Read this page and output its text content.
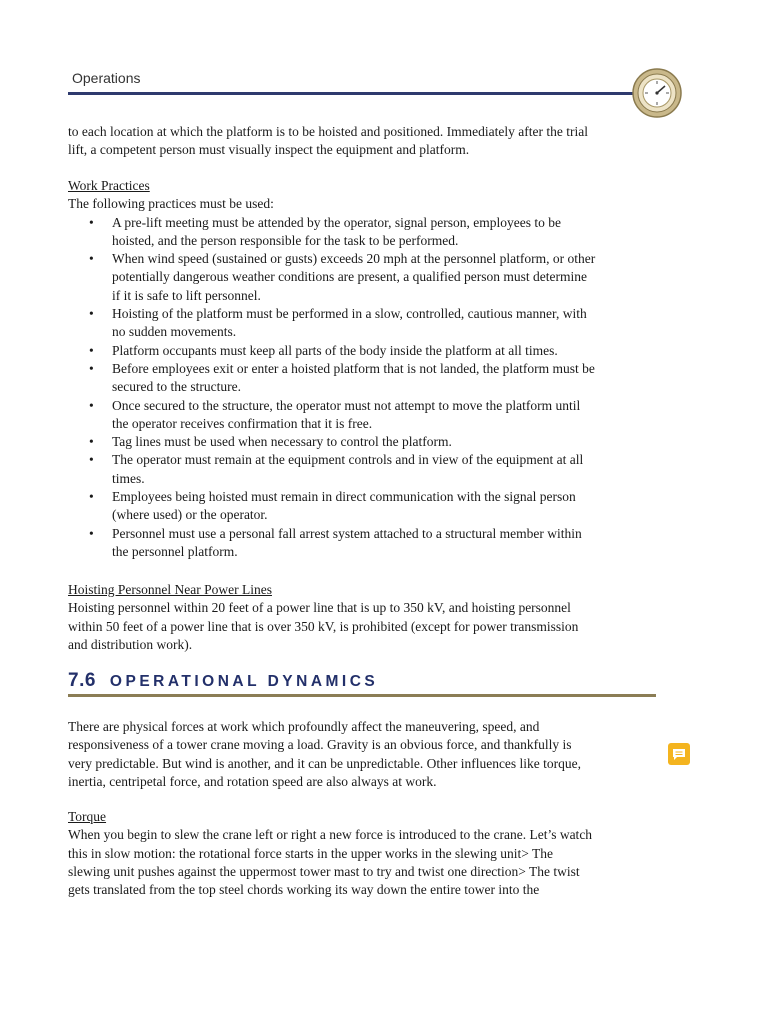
Operations

to each location at which the platform is to be hoisted and positioned. Immediately after the trial

lift, a competent person must visually inspect the equipment and platform.

Work Practices

The following practices must be used:

• A pre-lift meeting must be attended by the operator, signal person, employees to be
hoisted, and the person responsible for the task to be performed.
• When wind speed (sustained or gusts) exceeds 20 mph at the personnel platform, or other
potentially dangerous weather conditions are present, a qualified person must determine
if it is safe to lift personnel.
• Hoisting of the platform must be performed in a slow, controlled, cautious manner, with
no sudden movements.
• Platform occupants must keep all parts of the body inside the platform at all times.
• Before employees exit or enter a hoisted platform that is not landed, the platform must be
secured to the structure.
• Once secured to the structure, the operator must not attempt to move the platform until
the operator receives confirmation that it is free.
• Tag lines must be used when necessary to control the platform.
• The operator must remain at the equipment controls and in view of the equipment at all
times.
• Employees being hoisted must remain in direct communication with the signal person
(where used) or the operator.
• Personnel must use a personal fall arrest system attached to a structural member within
the personnel platform.

Hoisting Personnel Near Power Lines

Hoisting personnel within 20 feet of a power line that is up to 350 kV, and hoisting personnel

within 50 feet of a power line that is over 350 kV, is prohibited (except for power transmission

and distribution work).

7.6 OPERATIONAL DYNAMICS

There are physical forces at work which profoundly affect the maneuvering, speed, and

responsiveness of a tower crane moving a load. Gravity is an obvious force, and thankfully is

very predictable. But wind is another, and it can be unpredictable. Other influences like torque,

inertia, centripetal force, and rotation speed are also always at work.

Torque

When you begin to slew the crane left or right a new force is introduced to the crane. Let’s watch

this in slow motion: the rotational force starts in the upper works in the slewing unit> The

slewing unit pushes against the uppermost tower mast to try and twist one direction> The twist

gets translated from the top steel chords working its way down the entire tower into the
